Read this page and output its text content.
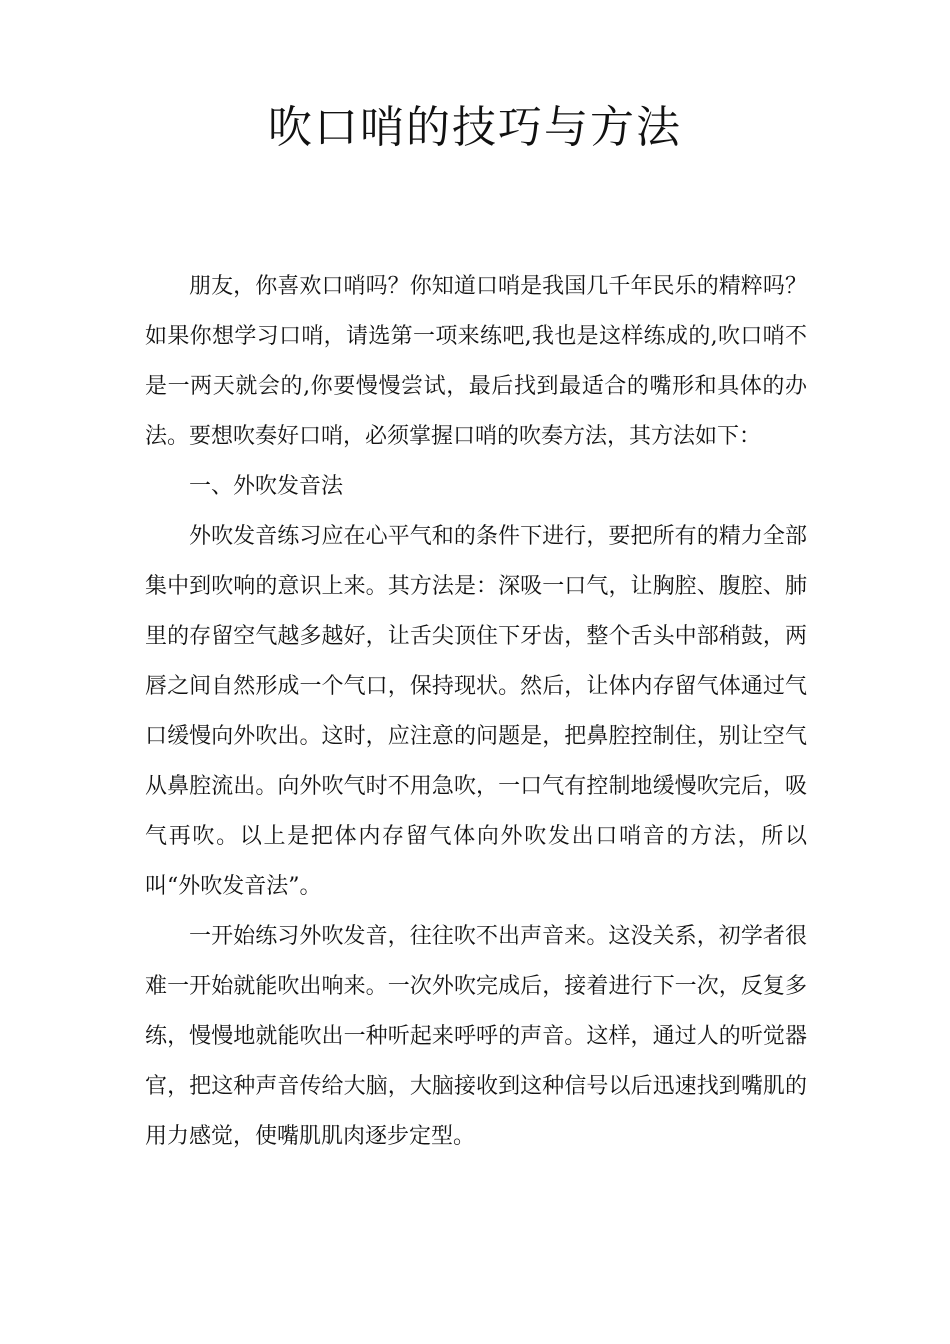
吹口哨的技巧与方法

朋友，你喜欢口哨吗？你知道口哨是我国几千年民乐的精粹吗？如果你想学习口哨，请选第一项来练吧,我也是这样练成的,吹口哨不是一两天就会的,你要慢慢尝试，最后找到最适合的嘴形和具体的办法。要想吹奏好口哨，必须掌握口哨的吹奏方法，其方法如下：

一、外吹发音法

外吹发音练习应在心平气和的条件下进行，要把所有的精力全部集中到吹响的意识上来。其方法是：深吸一口气，让胸腔、腹腔、肺里的存留空气越多越好，让舌尖顶住下牙齿，整个舌头中部稍鼓，两唇之间自然形成一个气口，保持现状。然后，让体内存留气体通过气口缓慢向外吹出。这时，应注意的问题是，把鼻腔控制住，别让空气从鼻腔流出。向外吹气时不用急吹，一口气有控制地缓慢吹完后，吸气再吹。以上是把体内存留气体向外吹发出口哨音的方法，所以叫“外吹发音法”。

一开始练习外吹发音，往往吹不出声音来。这没关系，初学者很难一开始就能吹出响来。一次外吹完成后，接着进行下一次，反复多练，慢慢地就能吹出一种听起来呼呼的声音。这样，通过人的听觉器官，把这种声音传给大脑，大脑接收到这种信号以后迅速找到嘴肌的用力感觉，使嘴肌肌肉逐步定型。
